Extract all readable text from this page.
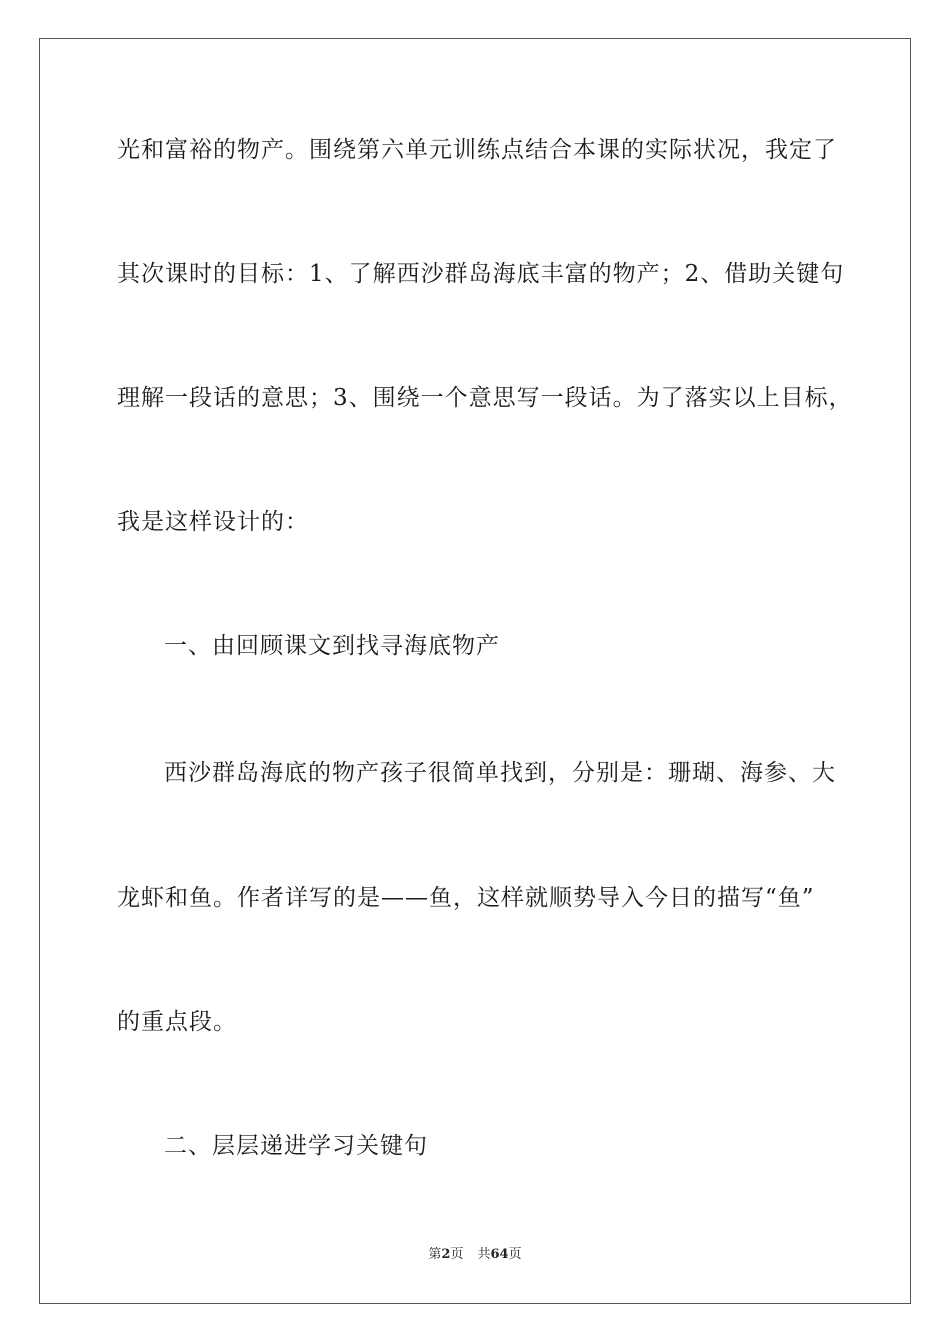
光和富裕的物产。围绕第六单元训练点结合本课的实际状况，我定了
其次课时的目标：1、了解西沙群岛海底丰富的物产；2、借助关键句
理解一段话的意思；3、围绕一个意思写一段话。为了落实以上目标，
我是这样设计的：
一、由回顾课文到找寻海底物产
西沙群岛海底的物产孩子很简单找到，分别是：珊瑚、海参、大
龙虾和鱼。作者详写的是——鱼，这样就顺势导入今日的描写“鱼”
的重点段。
二、层层递进学习关键句
第2页 共64页
